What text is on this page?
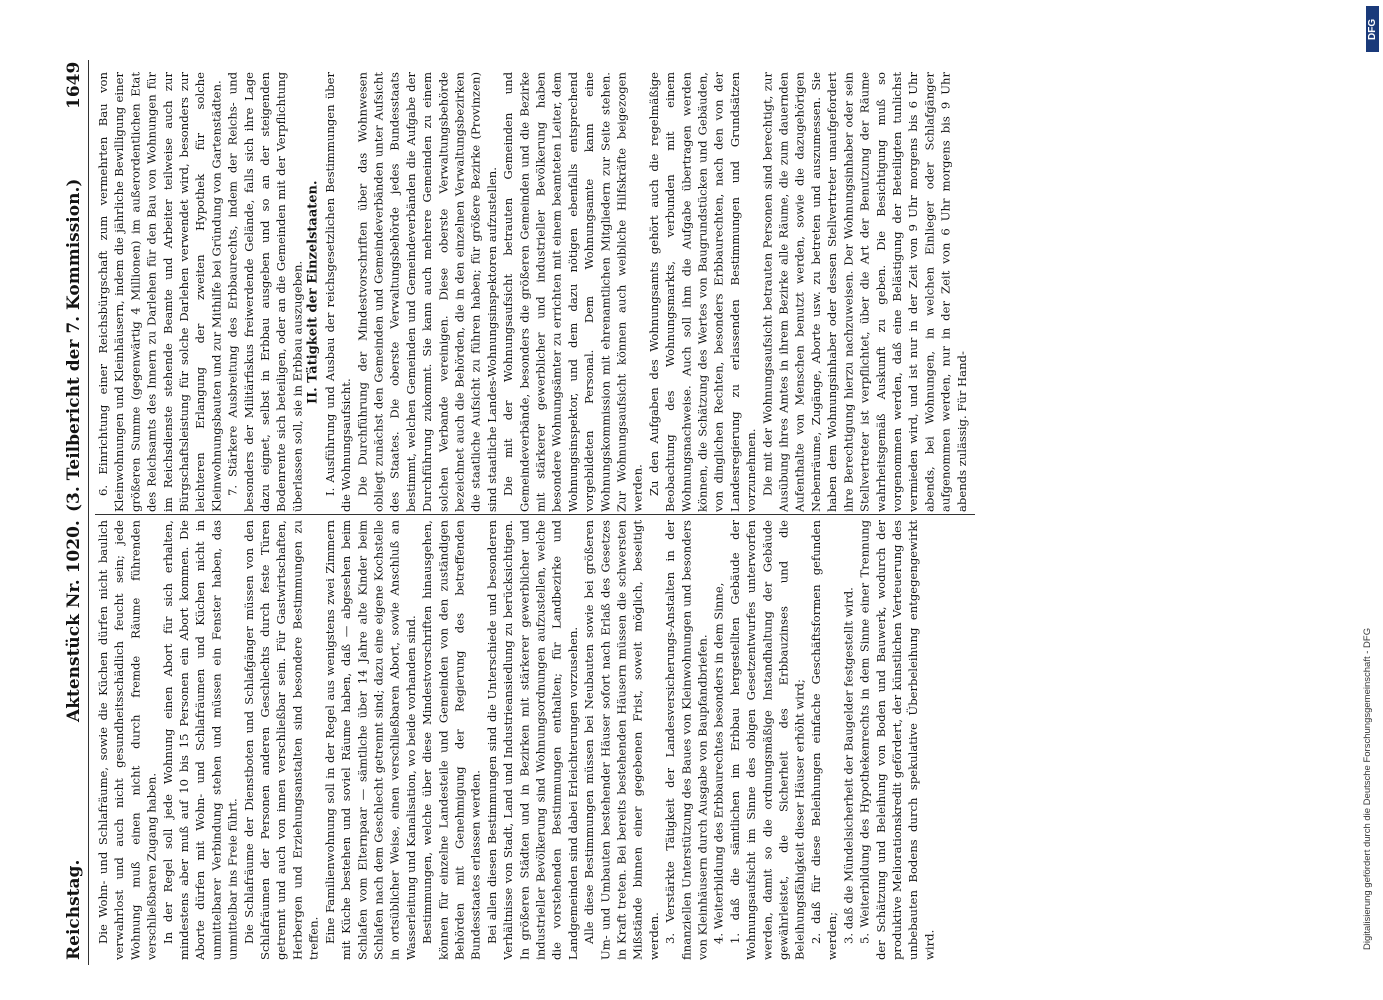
Reichstag.
Aktenstück Nr. 1020.
(3. Teilbericht der 7. Kommission.)
1649

Die Wohn- und Schlafräume, sowie die Küchen dürfen nicht baulich verwahrlost und auch nicht gesundheitsschädlich feucht sein; jede Wohnung muß einen nicht durch fremde Räume führenden verschließbaren Zugang haben. In der Regel soll jede Wohnung einen Abort für sich erhalten, mindestens aber muß auf 10 bis 15 Personen ein Abort kommen. Die Aborte dürfen mit Wohn- und Schlafräumen und Küchen nicht in unmittelbarer Verbindung stehen und müssen ein Fenster haben, das unmittelbar ins Freie führt. Die Schlafräume der Dienstboten und Schlafgänger müssen von den Schlafräumen der Personen anderen Geschlechts durch feste Türen getrennt und auch von innen verschließbar sein. Für Gastwirtschaften, Herbergen und Erziehungsanstalten sind besondere Bestimmungen zu treffen. Eine Familienwohnung soll in der Regel aus wenigstens zwei Zimmern mit Küche bestehen und soviel Räume haben, daß — abgesehen beim Schlafen vom Elternpaar — sämtliche über 14 Jahre alte Kinder beim Schlafen nach dem Geschlecht getrennt sind; dazu eine eigene Kochstelle in ortsüblicher Weise, einen verschließbaren Abort, sowie Anschluß an Wasserleitung und Kanalisation, wo beide vorhanden sind. Bestimmungen, welche über diese Mindestvorschriften hinausgehen, können für einzelne Landesteile und Gemeinden von den zuständigen Behörden mit Genehmigung der Regierung des betreffenden Bundesstaates erlassen werden. Bei allen diesen Bestimmungen sind die Unterschiede und besonderen Verhältnisse von Stadt, Land und Industrieansiedlung zu berücksichtigen. In größeren Städten und in Bezirken mit stärkerer gewerblicher und industrieller Bevölkerung sind Wohnungsordnungen aufzustellen, welche die vorstehenden Bestimmungen enthalten; für Landbezirke und Landgemeinden sind dabei Erleichterungen vorzusehen. Alle diese Bestimmungen müssen bei Neubauten sowie bei größeren Um- und Umbauten bestehender Häuser sofort nach Erlaß des Gesetzes in Kraft treten. Bei bereits bestehenden Häusern müssen die schwersten Mißstände binnen einer gegebenen Frist, soweit möglich, beseitigt werden. 3. Verstärkte Tätigkeit der Landesversicherungs-Anstalten in der finanziellen Unterstützung des Baues von Kleinwohnungen und besonders von Kleinhäusern durch Ausgabe von Baupfandbriefen. 4. Weiterbildung des Erbbaurechtes besonders in dem Sinne, 1. daß die sämtlichen im Erbbau hergestellten Gebäude der Wohnungsaufsicht im Sinne des obigen Gesetzentwurfes unterworfen werden, damit so die ordnungsmäßige Instandhaltung der Gebäude gewährleistet, die Sicherheit des Erbbauzinses und die Beleihungsfähigkeit dieser Häuser erhöht wird; 2. daß für diese Beleihungen einfache Geschäftsformen gefunden werden; 3. daß die Mündelsicherheit der Baugelder festgestellt wird. 5. Weiterbildung des Hypothekenrechts in dem Sinne einer Trennung der Schätzung und Beleihung von Boden und Bauwerk, wodurch der produktive Meliorationskredit gefördert, der künstlichen Verteuerung des unbebauten Bodens durch spekulative Überbeleihung entgegengewirkt wird.

6. Einrichtung einer Reichsbürgschaft zum vermehrten Bau von Kleinwohnungen und Kleinhäusern, indem die jährliche Bewilligung einer größeren Summe (gegenwärtig 4 Millionen) im außerordentlichen Etat des Reichsamts des Innern zu Darlehen für den Bau von Wohnungen für im Reichsdienste stehende Beamte und Arbeiter teilweise auch zur Bürgschaftsleistung für solche Darlehen verwendet wird, besonders zur leichteren Erlangung der zweiten Hypothek für solche Kleinwohnungsbauten und zur Mithilfe bei Gründung von Gartenstädten. 7. Stärkere Ausbreitung des Erbbaurechts, indem der Reichs- und besonders der Militärfiskus freiwerdende Gelände, falls sich ihre Lage dazu eignet, selbst in Erbbau ausgeben und so an der steigenden Bodenrente sich beteiligen, oder an die Gemeinden mit der Verpflichtung überlassen soll, sie in Erbbau auszugeben. II. Tätigkeit der Einzelstaaten. I. Ausführung und Ausbau der reichsgesetzlichen Bestimmungen über die Wohnungsaufsicht. Die Durchführung der Mindestvorschriften über das Wohnwesen obliegt zunächst den Gemeinden und Gemeindeverbänden unter Aufsicht des Staates. Die oberste Verwaltungsbehörde jedes Bundesstaats bestimmt, welchen Gemeinden und Gemeindeverbänden die Aufgabe der Durchführung zukommt. Sie kann auch mehrere Gemeinden zu einem solchen Verbande vereinigen. Diese oberste Verwaltungsbehörde bezeichnet auch die Behörden, die in den einzelnen Verwaltungsbezirken die staatliche Aufsicht zu führen haben; für größere Bezirke (Provinzen) sind staatliche Landes-Wohnungsinspektoren aufzustellen. Die mit der Wohnungsaufsicht betrauten Gemeinden und Gemeindeverbände, besonders die größeren Gemeinden und die Bezirke mit stärkerer gewerblicher und industrieller Bevölkerung haben besondere Wohnungsämter zu errichten mit einem beamteten Leiter, dem Wohnungsinspektor, und dem dazu nötigen ebenfalls entsprechend vorgebildeten Personal. Dem Wohnungsamte kann eine Wohnungskommission mit ehrenamtlichen Mitgliedern zur Seite stehen. Zur Wohnungsaufsicht können auch weibliche Hilfskräfte beigezogen werden. Zu den Aufgaben des Wohnungsamts gehört auch die regelmäßige Beobachtung des Wohnungsmarkts, verbunden mit einem Wohnungsnachweise. Auch soll ihm die Aufgabe übertragen werden können, die Schätzung des Wertes von Baugrundstücken und Gebäuden, von dinglichen Rechten, besonders Erbbaurechten, nach den von der Landesregierung zu erlassenden Bestimmungen und Grundsätzen vorzunehmen. Die mit der Wohnungsaufsicht betrauten Personen sind berechtigt, zur Ausübung ihres Amtes in ihrem Bezirke alle Räume, die zum dauernden Aufenthalte von Menschen benutzt werden, sowie die dazugehörigen Nebenräume, Zugänge, Aborte usw. zu betreten und auszumessen. Sie haben dem Wohnungsinhaber oder dessen Stellvertreter unaufgefordert ihre Berechtigung hierzu nachzuweisen. Der Wohnungsinhaber oder sein Stellvertreter ist verpflichtet, über die Art der Benutzung der Räume wahrheitsgemäß Auskunft zu geben. Die Besichtigung muß so vorgenommen werden, daß eine Belästigung der Beteiligten tunlichst vermieden wird, und ist nur in der Zeit von 9 Uhr morgens bis 6 Uhr abends, bei Wohnungen, in welchen Einlieger oder Schlafgänger aufgenommen werden, nur in der Zeit von 6 Uhr morgens bis 9 Uhr abends zulässig. Für Hand-

DFG
Digitalisierung gefördert durch die Deutsche Forschungsgemeinschaft - DFG
